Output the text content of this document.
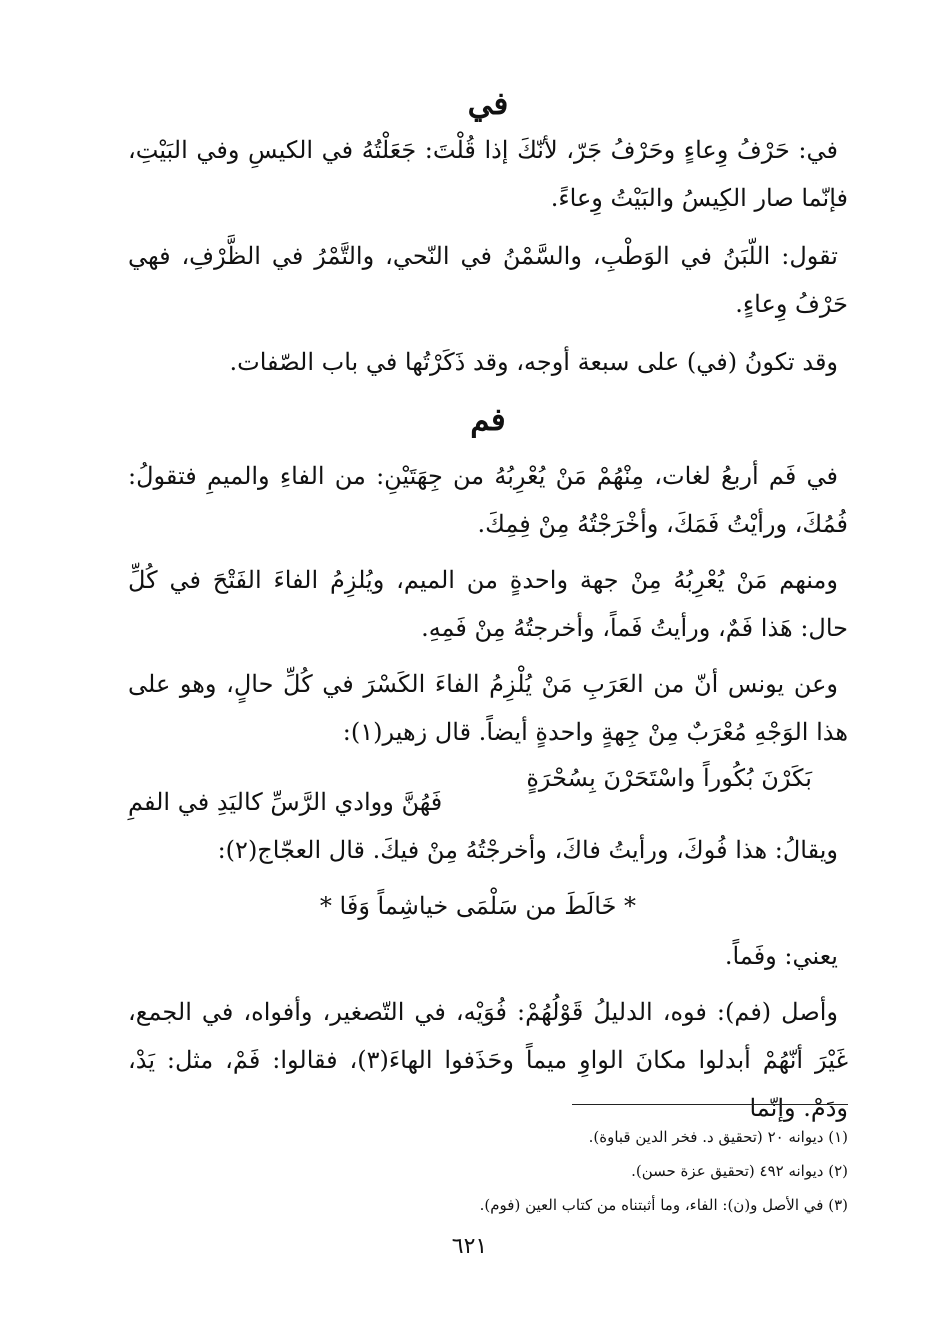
في

في: حَرْفُ وِعاءٍ وحَرْفُ جَرّ، لأنّكَ إذا قُلْتَ: جَعَلْتُهُ في الكيسِ وفي البَيْتِ، فإنّما صار الكِيسُ والبَيْتُ وِعاءً.

تقول: اللّبَنُ في الوَطْبِ، والسَّمْنُ في النّحي، والتَّمْرُ في الظَّرْفِ، فهي حَرْفُ وِعاءٍ.

وقد تكونُ (في) على سبعة أوجه، وقد ذَكَرْتُها في باب الصّفات.

فم

في فَم أربعُ لغات، مِنْهُمْ مَنْ يُعْرِبُهُ من جِهَتَيْنِ: من الفاءِ والميمِ فتقولُ: فُمُكَ، ورأيْتُ فَمَكَ، وأخْرَجْتُهُ مِنْ فِمِكَ.

ومنهم مَنْ يُعْرِبُهُ مِنْ جهة واحدةٍ من الميم، ويُلزِمُ الفاءَ الفَتْحَ في كُلِّ حال: هَذا فَمٌ، ورأيتُ فَماً، وأخرجتُهُ مِنْ فَمِهِ.

وعن يونس أنّ من العَرَبِ مَنْ يُلْزِمُ الفاءَ الكَسْرَ في كُلِّ حالٍ، وهو على هذا الوَجْهِ مُعْرَبٌ مِنْ جِهةٍ واحدةٍ أيضاً. قال زهير(١):

بَكَرْنَ بُكُوراً واسْتَحَرْنَ بِسُحْرَةٍ
فَهُنَّ ووادي الرَّسِّ كاليَدِ في الفمِ

ويقالُ: هذا فُوكَ، ورأيتُ فاكَ، وأخرجْتُهُ مِنْ فيكَ. قال العجّاج(٢):

* خَالَطَ من سَلْمَى خياشِماً وَفَا *

يعني: وفَماً.

وأصل (فم): فوه، الدليلُ قَوْلُهُمْ: فُوَيْه، في التّصغير، وأفواه، في الجمع، غَيْرَ أنّهُمْ أبدلوا مكانَ الواوِ ميماً وحَذَفوا الهاءَ(٣)، فقالوا: فَمْ، مثل: يَدْ، ودَمْ. وإنّما

(١) ديوانه ٢٠ (تحقيق د. فخر الدين قباوة).
(٢) ديوانه ٤٩٢ (تحقيق عزة حسن).
(٣) في الأصل و(ن): الفاء، وما أثبتناه من كتاب العين (فوم).
٦٢١
